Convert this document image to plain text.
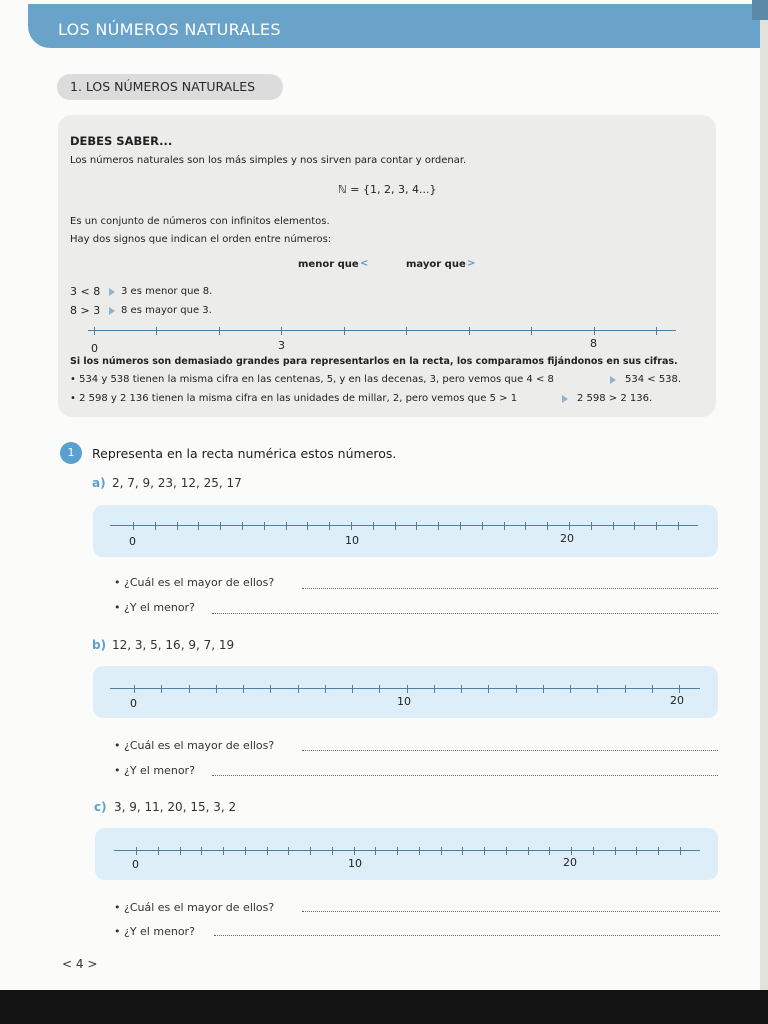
LOS NÚMEROS NATURALES
1. LOS NÚMEROS NATURALES
DEBES SABER...
Los números naturales son los más simples y nos sirven para contar y ordenar.
ℕ = {1, 2, 3, 4...}
Es un conjunto de números con infinitos elementos.
Hay dos signos que indican el orden entre números:
menor que <	mayor que >
3 < 8 3 es menor que 8.
8 > 3 8 es mayor que 3.
0	3	8
Si los números son demasiado grandes para representarlos en la recta, los comparamos fijándonos en sus cifras.
• 534 y 538 tienen la misma cifra en las centenas, 5, y en las decenas, 3, pero vemos que 4 < 8	534 < 538.
• 2 598 y 2 136 tienen la misma cifra en las unidades de millar, 2, pero vemos que 5 > 1	2 598 > 2 136.
1	Representa en la recta numérica estos números.
a) 2, 7, 9, 23, 12, 25, 17
0	10	20
• ¿Cuál es el mayor de ellos?
• ¿Y el menor?
b) 12, 3, 5, 16, 9, 7, 19
0	10	20
• ¿Cuál es el mayor de ellos?
• ¿Y el menor?
c) 3, 9, 11, 20, 15, 3, 2
0	10	20
• ¿Cuál es el mayor de ellos?
• ¿Y el menor?
< 4 >
